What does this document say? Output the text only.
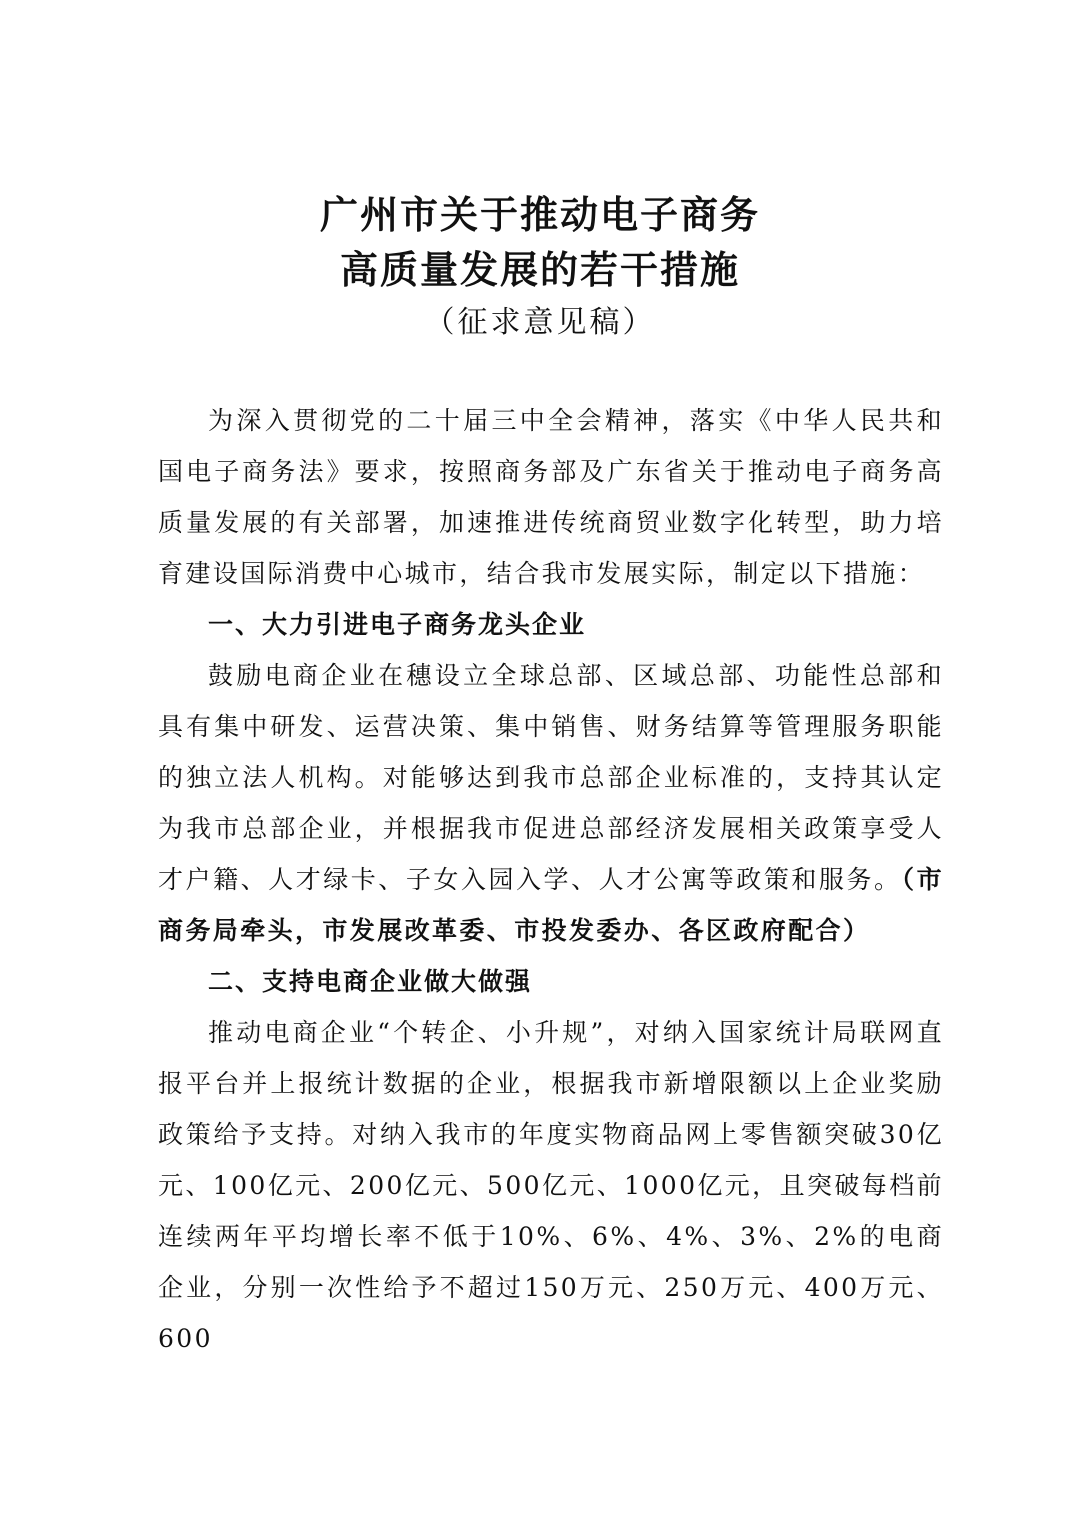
广州市关于推动电子商务
高质量发展的若干措施
（征求意见稿）

为深入贯彻党的二十届三中全会精神，落实《中华人民共和国电子商务法》要求，按照商务部及广东省关于推动电子商务高质量发展的有关部署，加速推进传统商贸业数字化转型，助力培育建设国际消费中心城市，结合我市发展实际，制定以下措施：

一、大力引进电子商务龙头企业

鼓励电商企业在穗设立全球总部、区域总部、功能性总部和具有集中研发、运营决策、集中销售、财务结算等管理服务职能的独立法人机构。对能够达到我市总部企业标准的，支持其认定为我市总部企业，并根据我市促进总部经济发展相关政策享受人才户籍、人才绿卡、子女入园入学、人才公寓等政策和服务。（市商务局牵头，市发展改革委、市投发委办、各区政府配合）

二、支持电商企业做大做强

推动电商企业“个转企、小升规”，对纳入国家统计局联网直报平台并上报统计数据的企业，根据我市新增限额以上企业奖励政策给予支持。对纳入我市的年度实物商品网上零售额突破30亿元、100亿元、200亿元、500亿元、1000亿元，且突破每档前连续两年平均增长率不低于10%、6%、4%、3%、2%的电商企业，分别一次性给予不超过150万元、250万元、400万元、600
